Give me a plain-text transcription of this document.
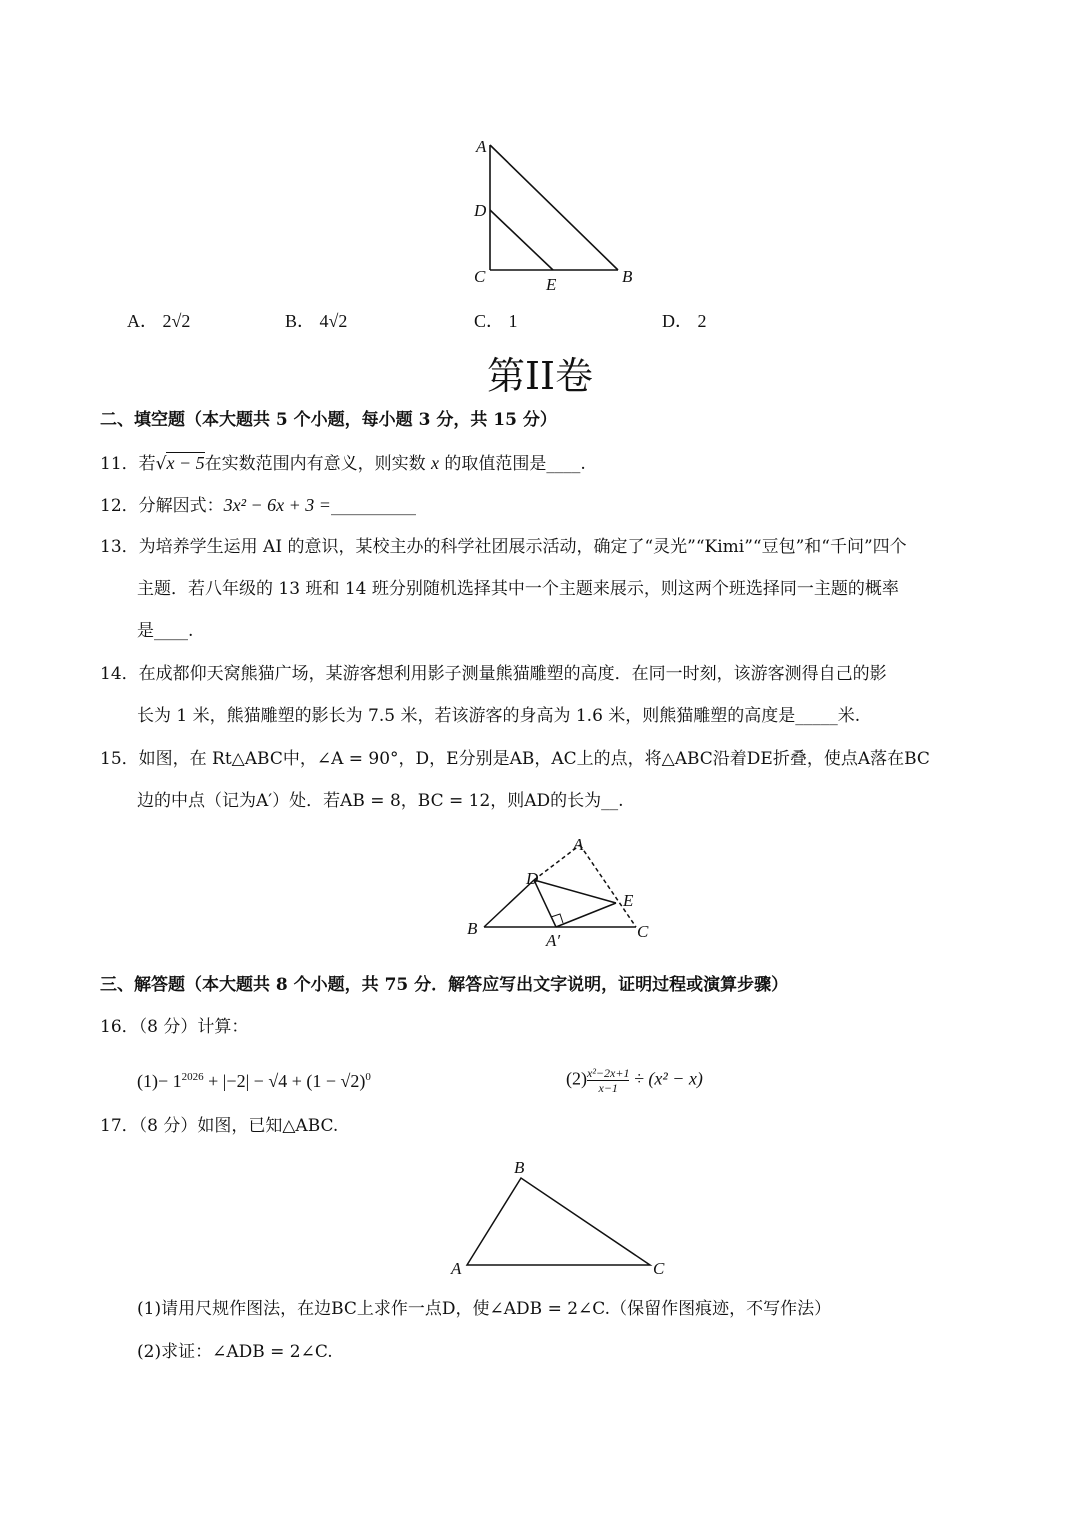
A
D
C	E	B
A
D
E
B	C
A′
A
B
C
A． 2√2	B． 4√2	C． 1	D． 2
第II卷
二、填空题（本大题共 5 个小题，每小题 3 分，共 15 分）
11．若√x − 5在实数范围内有意义，则实数 x 的取值范围是____.
12．分解因式：3x² − 6x + 3 =__________
13．为培养学生运用 AI 的意识，某校主办的科学社团展示活动，确定了“灵光”“Kimi”“豆包”和“千问”四个
主题．若八年级的 13 班和 14 班分别随机选择其中一个主题来展示，则这两个班选择同一主题的概率
是____.
14．在成都仰天窝熊猫广场，某游客想利用影子测量熊猫雕塑的高度．在同一时刻，该游客测得自己的影
长为 1 米，熊猫雕塑的影长为 7.5 米，若该游客的身高为 1.6 米，则熊猫雕塑的高度是_____米.
15．如图，在 Rt△ABC中，∠A = 90°，D，E分别是AB，AC上的点，将△ABC沿着DE折叠，使点A落在BC
边的中点（记为A′）处．若AB = 8，BC = 12，则AD的长为__.
三、解答题（本大题共 8 个小题，共 75 分．解答应写出文字说明，证明过程或演算步骤）
16．（8 分）计算：
$(1)- 1^{2026} + |-2| - √4 + (1 - √2)^0$	$(2) \frac{\text{x²−2x+1}}{x-1} \div (x^2 - x)$
17．（8 分）如图，已知△ABC.
(1)请用尺规作图法，在边BC上求作一点D，使∠ADB = 2∠C.（保留作图痕迹，不写作法）
(2)求证：∠ADB = 2∠C.
